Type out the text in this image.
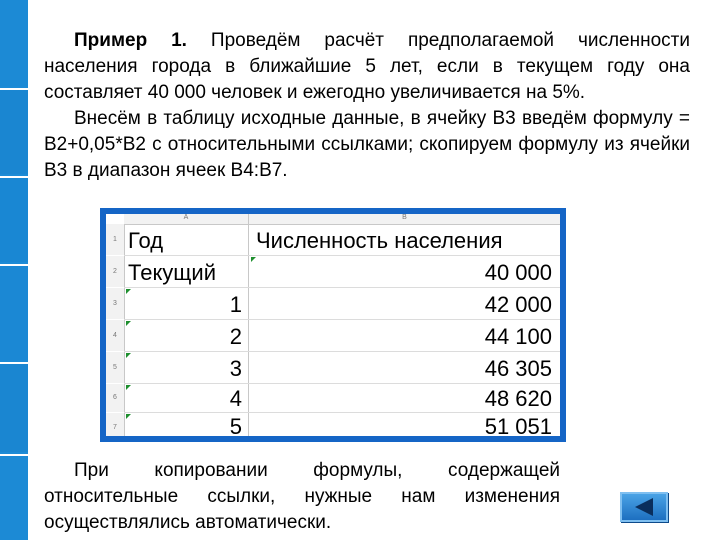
Пример 1. Проведём расчёт предполагаемой численности населения города в ближайшие 5 лет, если в текущем году она составляет 40 000 человек и ежегодно увеличивается на 5%.
Внесём в таблицу исходные данные, в ячейку B3 введём формулу = B2+0,05*B2 с относительными ссылками; скопируем формулу из ячейки B3 в диапазон ячеек B4:B7.
A	B
1 Год	Численность населения
2 Текущий	40 000
3	1	42 000
4	2	44 100
5	3	46 305
6	4	48 620
7	5	51 051
При копировании формулы, содержащей относительные ссылки, нужные нам изменения осуществлялись автоматически.
